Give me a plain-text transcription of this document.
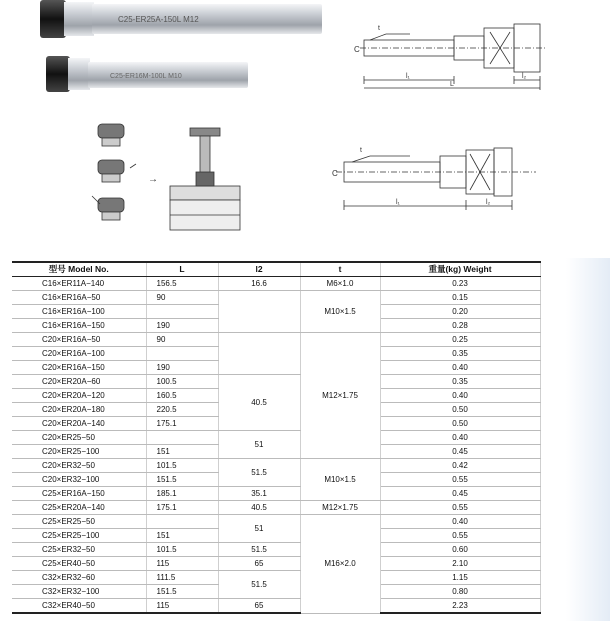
C25-ER25A-150L M12
C25-ER16M-100L M10
C
t
l₁	l₂
L
→
C
t
l₁	l₂
型号 Model No.	L	l2	t	重量(kg) Weight
C16×ER11A−140	156.5	16.6	M6×1.0	0.23
C16×ER16A−50	90		M10×1.5	0.15
C16×ER16A−100				0.20
C16×ER16A−150	190			0.28
C20×ER16A−50	90		M12×1.75	0.25
C20×ER16A−100				0.35
C20×ER16A−150	190			0.40
C20×ER20A−60	100.5	40.5		0.35
C20×ER20A−120	160.5			0.40
C20×ER20A−180	220.5			0.50
C20×ER20A−140	175.1			0.50
C20×ER25−50		51		0.40
C20×ER25−100	151			0.45
C20×ER32−50	101.5	51.5	M10×1.5	0.42
C20×ER32−100	151.5			0.55
C25×ER16A−150	185.1	35.1		0.45
C25×ER20A−140	175.1	40.5	M12×1.75	0.55
C25×ER25−50		51	M16×2.0	0.40
C25×ER25−100	151			0.55
C25×ER32−50	101.5	51.5		0.60
C25×ER40−50	115	65		2.10
C32×ER32−60	111.5	51.5		1.15
C32×ER32−100	151.5			0.80
C32×ER40−50	115	65		2.23
